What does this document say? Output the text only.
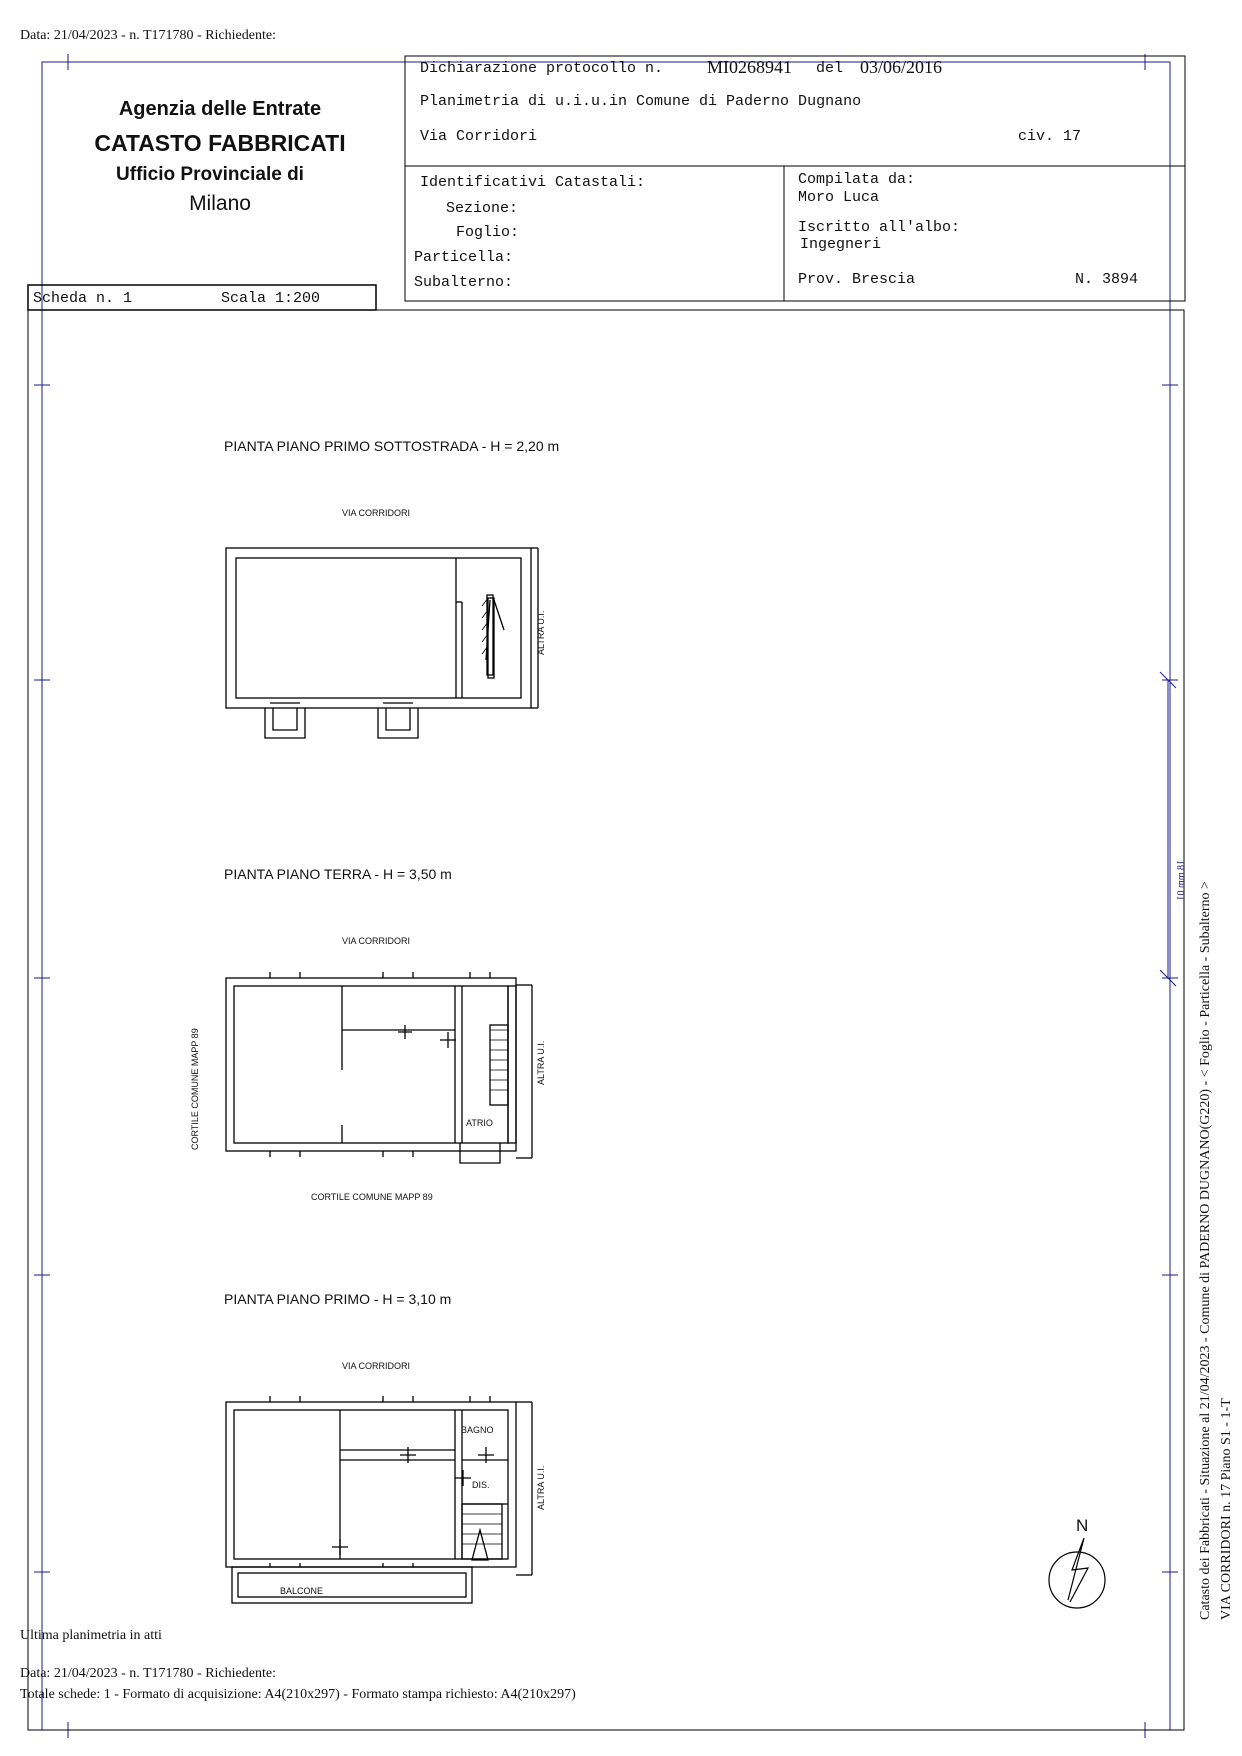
Data: 21/04/2023 - n. T171780 - Richiedente:
Agenzia delle Entrate
CATASTO FABBRICATI
Ufficio Provinciale di
Milano
Dichiarazione protocollo n. MI0268941 del 03/06/2016
Planimetria di u.i.u.in Comune di Paderno Dugnano
Via Corridori	civ. 17
Identificativi Catastali:
Sezione:
Foglio:
Particella:
Subalterno:
Compilata da:
Moro Luca
Iscritto all'albo:
Ingegneri
Prov. Brescia	N. 3894
Scheda n. 1	Scala 1:200
PIANTA PIANO PRIMO SOTTOSTRADA - H = 2,20 m
VIA CORRIDORI
ALTRA U.I.
PIANTA PIANO TERRA - H = 3,50 m
VIA CORRIDORI
ALTRA U.I.
CORTILE COMUNE MAPP 89
CORTILE COMUNE MAPP 89
ATRIO
PIANTA PIANO PRIMO - H = 3,10 m
VIA CORRIDORI
ALTRA U.I.
BAGNO
DIS.
BALCONE
N	Catasto dei Fabbricati - Situazione al 21/04/2023 - Comune di PADERNO DUGNANO(G220) - < Foglio - Particella - Subalterno > VIA CORRIDORI n. 17 Piano S1 - 1-T
18 mm 01
Ultima planimetria in atti
Data: 21/04/2023 - n. T171780 - Richiedente:
Totale schede: 1 - Formato di acquisizione: A4(210x297) - Formato stampa richiesto: A4(210x297)
